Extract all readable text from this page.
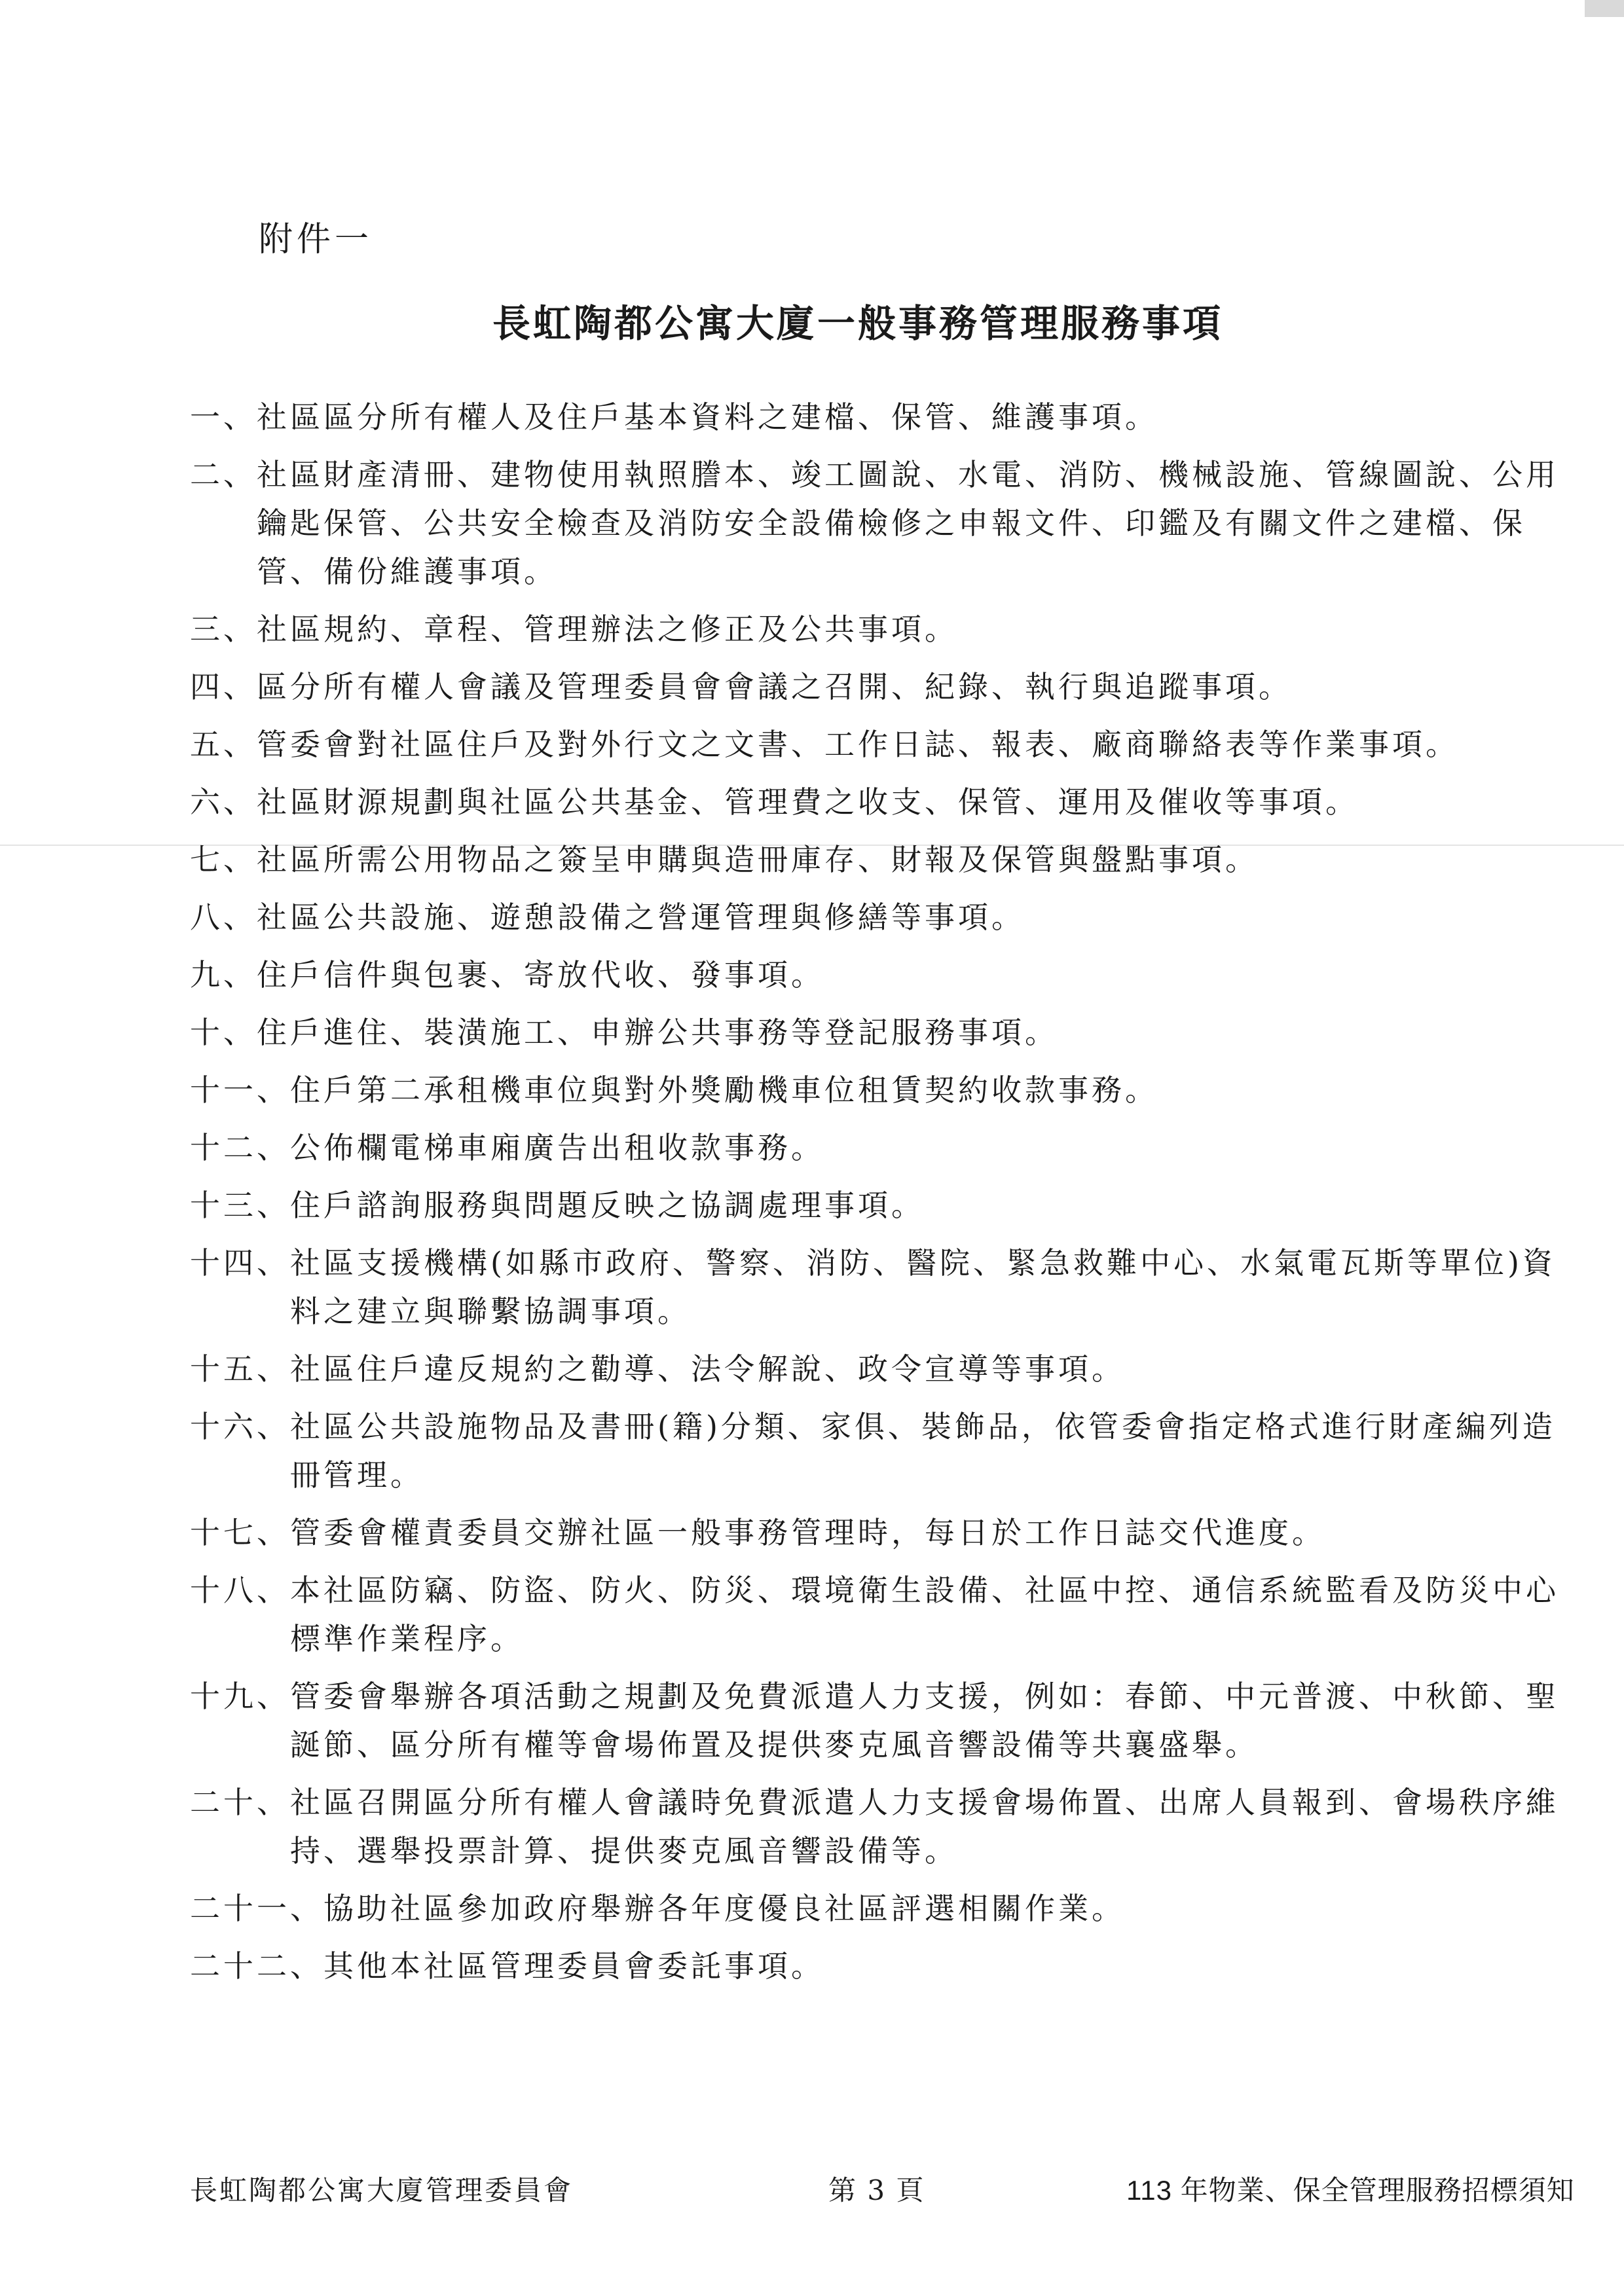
附件一
長虹陶都公寓大廈一般事務管理服務事項
一、 社區區分所有權人及住戶基本資料之建檔、保管、維護事項。
二、 社區財產清冊、建物使用執照謄本、竣工圖說、水電、消防、機械設施、管線圖說、公用鑰匙保管、公共安全檢查及消防安全設備檢修之申報文件、印鑑及有關文件之建檔、保管、備份維護事項。
三、 社區規約、章程、管理辦法之修正及公共事項。
四、 區分所有權人會議及管理委員會會議之召開、紀錄、執行與追蹤事項。
五、 管委會對社區住戶及對外行文之文書、工作日誌、報表、廠商聯絡表等作業事項。
六、 社區財源規劃與社區公共基金、管理費之收支、保管、運用及催收等事項。
七、 社區所需公用物品之簽呈申購與造冊庫存、財報及保管與盤點事項。
八、 社區公共設施、遊憩設備之營運管理與修繕等事項。
九、 住戶信件與包裹、寄放代收、發事項。
十、 住戶進住、裝潢施工、申辦公共事務等登記服務事項。
十一、 住戶第二承租機車位與對外獎勵機車位租賃契約收款事務。
十二、 公佈欄電梯車廂廣告出租收款事務。
十三、 住戶諮詢服務與問題反映之協調處理事項。
十四、 社區支援機構(如縣市政府、警察、消防、醫院、緊急救難中心、水氣電瓦斯等單位)資料之建立與聯繫協調事項。
十五、 社區住戶違反規約之勸導、法令解說、政令宣導等事項。
十六、 社區公共設施物品及書冊(籍)分類、家俱、裝飾品，依管委會指定格式進行財產編列造冊管理。
十七、 管委會權責委員交辦社區一般事務管理時，每日於工作日誌交代進度。
十八、 本社區防竊、防盜、防火、防災、環境衛生設備、社區中控、通信系統監看及防災中心標準作業程序。
十九、 管委會舉辦各項活動之規劃及免費派遣人力支援，例如：春節、中元普渡、中秋節、聖誕節、區分所有權等會場佈置及提供麥克風音響設備等共襄盛舉。
二十、 社區召開區分所有權人會議時免費派遣人力支援會場佈置、出席人員報到、會場秩序維持、選舉投票計算、提供麥克風音響設備等。
二十一、 協助社區參加政府舉辦各年度優良社區評選相關作業。
二十二、 其他本社區管理委員會委託事項。
長虹陶都公寓大廈管理委員會	第 3 頁	113 年物業、保全管理服務招標須知
